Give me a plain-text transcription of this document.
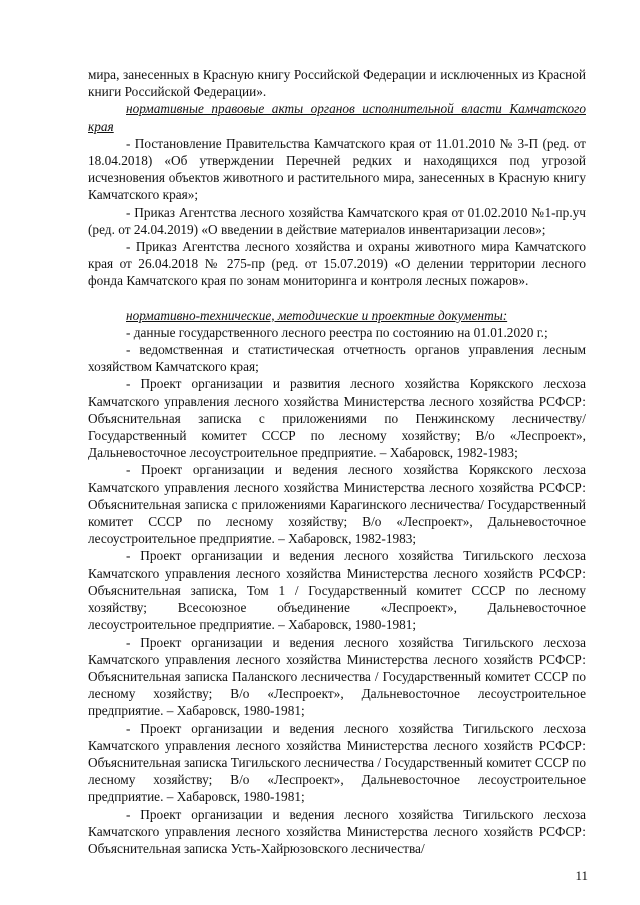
мира, занесенных в Красную книгу Российской Федерации и исключенных из Красной книги Российской Федерации».

нормативные правовые акты органов исполнительной власти Камчатского края

- Постановление Правительства Камчатского края от 11.01.2010 № 3-П (ред. от 18.04.2018) «Об утверждении Перечней редких и находящихся под угрозой исчезновения объектов животного и растительного мира, занесенных в Красную книгу Камчатского края»;

- Приказ Агентства лесного хозяйства Камчатского края от 01.02.2010 №1-пр.уч (ред. от 24.04.2019) «О введении в действие материалов инвентаризации лесов»;

- Приказ Агентства лесного хозяйства и охраны животного мира Камчатского края от 26.04.2018 № 275-пр (ред. от 15.07.2019) «О делении территории лесного фонда Камчатского края по зонам мониторинга и контроля лесных пожаров».

нормативно-технические, методические и проектные документы:

- данные государственного лесного реестра по состоянию на 01.01.2020 г.;

- ведомственная и статистическая отчетность органов управления лесным хозяйством Камчатского края;

- Проект организации и развития лесного хозяйства Корякского лесхоза Камчатского управления лесного хозяйства Министерства лесного хозяйства РСФСР: Объяснительная записка с приложениями по Пенжинскому лесничеству/ Государственный комитет СССР по лесному хозяйству; В/о «Леспроект», Дальневосточное лесоустроительное предприятие. – Хабаровск, 1982-1983;

- Проект организации и ведения лесного хозяйства Корякского лесхоза Камчатского управления лесного хозяйства Министерства лесного хозяйства РСФСР: Объяснительная записка с приложениями Карагинского лесничества/ Государственный комитет СССР по лесному хозяйству; В/о «Леспроект», Дальневосточное лесоустроительное предприятие. – Хабаровск, 1982-1983;

- Проект организации и ведения лесного хозяйства Тигильского лесхоза Камчатского управления лесного хозяйства Министерства лесного хозяйств РСФСР: Объяснительная записка, Том 1 / Государственный комитет СССР по лесному хозяйству; Всесоюзное объединение «Леспроект», Дальневосточное лесоустроительное предприятие. – Хабаровск, 1980-1981;

- Проект организации и ведения лесного хозяйства Тигильского лесхоза Камчатского управления лесного хозяйства Министерства лесного хозяйств РСФСР: Объяснительная записка Паланского лесничества / Государственный комитет СССР по лесному хозяйству; В/о «Леспроект», Дальневосточное лесоустроительное предприятие. – Хабаровск, 1980-1981;

- Проект организации и ведения лесного хозяйства Тигильского лесхоза Камчатского управления лесного хозяйства Министерства лесного хозяйств РСФСР: Объяснительная записка Тигильского лесничества / Государственный комитет СССР по лесному хозяйству; В/о «Леспроект», Дальневосточное лесоустроительное предприятие. – Хабаровск, 1980-1981;

- Проект организации и ведения лесного хозяйства Тигильского лесхоза Камчатского управления лесного хозяйства Министерства лесного хозяйств РСФСР: Объяснительная записка Усть-Хайрюзовского лесничества/

11
